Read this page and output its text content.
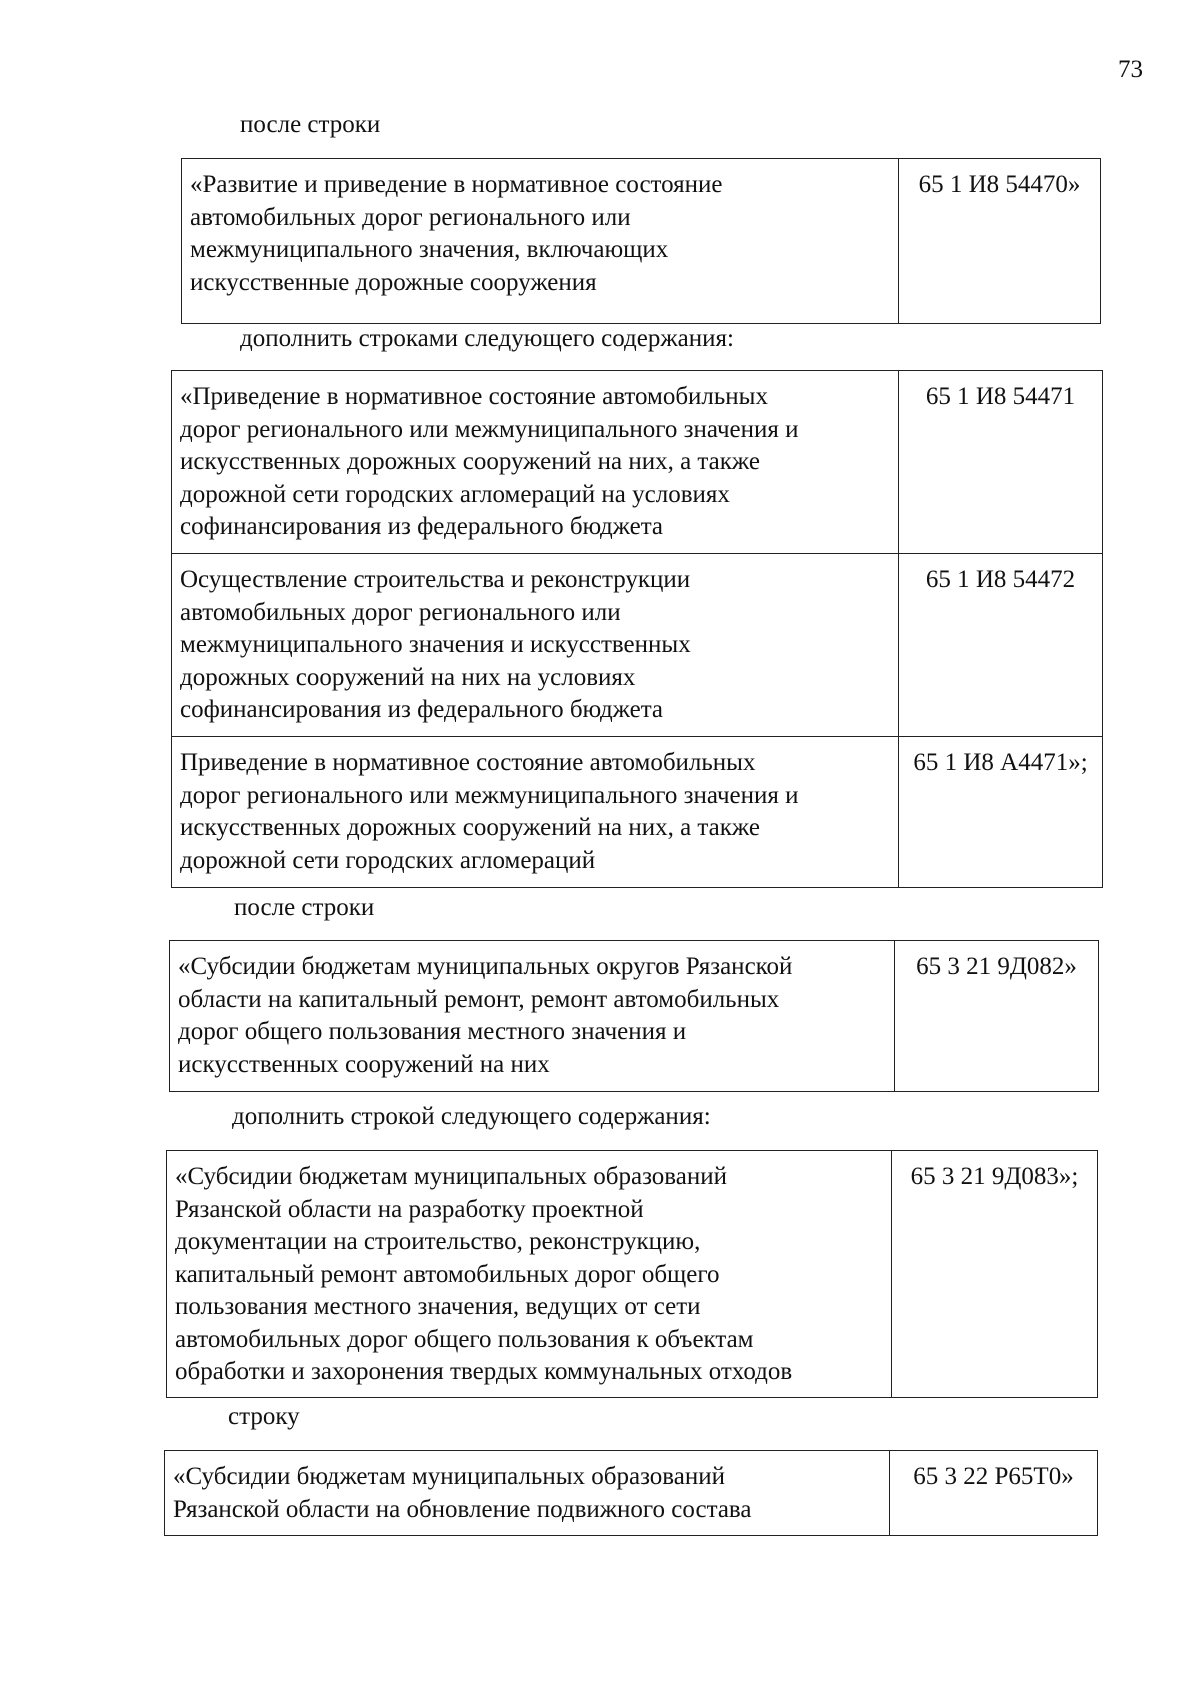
73
после строки
«Развитие и приведение в нормативное состояние
автомобильных дорог регионального или
межмуниципального значения, включающих
искусственные дорожные сооружения
	65 1 И8 54470»
дополнить строками следующего содержания:
«Приведение в нормативное состояние автомобильных
дорог регионального или межмуниципального значения и
искусственных дорожных сооружений на них, а также
дорожной сети городских агломераций на условиях
софинансирования из федерального бюджета	65 1 И8 54471

Осуществление строительства и реконструкции
автомобильных дорог регионального или
межмуниципального значения и искусственных
дорожных сооружений на них на условиях
софинансирования из федерального бюджета	65 1 И8 54472

Приведение в нормативное состояние автомобильных
дорог регионального или межмуниципального значения и
искусственных дорожных сооружений на них, а также
дорожной сети городских агломераций	65 1 И8 А4471»;
после строки
«Субсидии бюджетам муниципальных округов Рязанской
области на капитальный ремонт, ремонт автомобильных
дорог общего пользования местного значения и
искусственных сооружений на них
	65 3 21 9Д082»
дополнить строкой следующего содержания:
«Субсидии бюджетам муниципальных образований
Рязанской области на разработку проектной
документации на строительство, реконструкцию,
капитальный ремонт автомобильных дорог общего
пользования местного значения, ведущих от сети
автомобильных дорог общего пользования к объектам
обработки и захоронения твердых коммунальных отходов
	65 3 21 9Д083»;
строку
«Субсидии бюджетам муниципальных образований
Рязанской области на обновление подвижного состава
	65 3 22 Р65Т0»
